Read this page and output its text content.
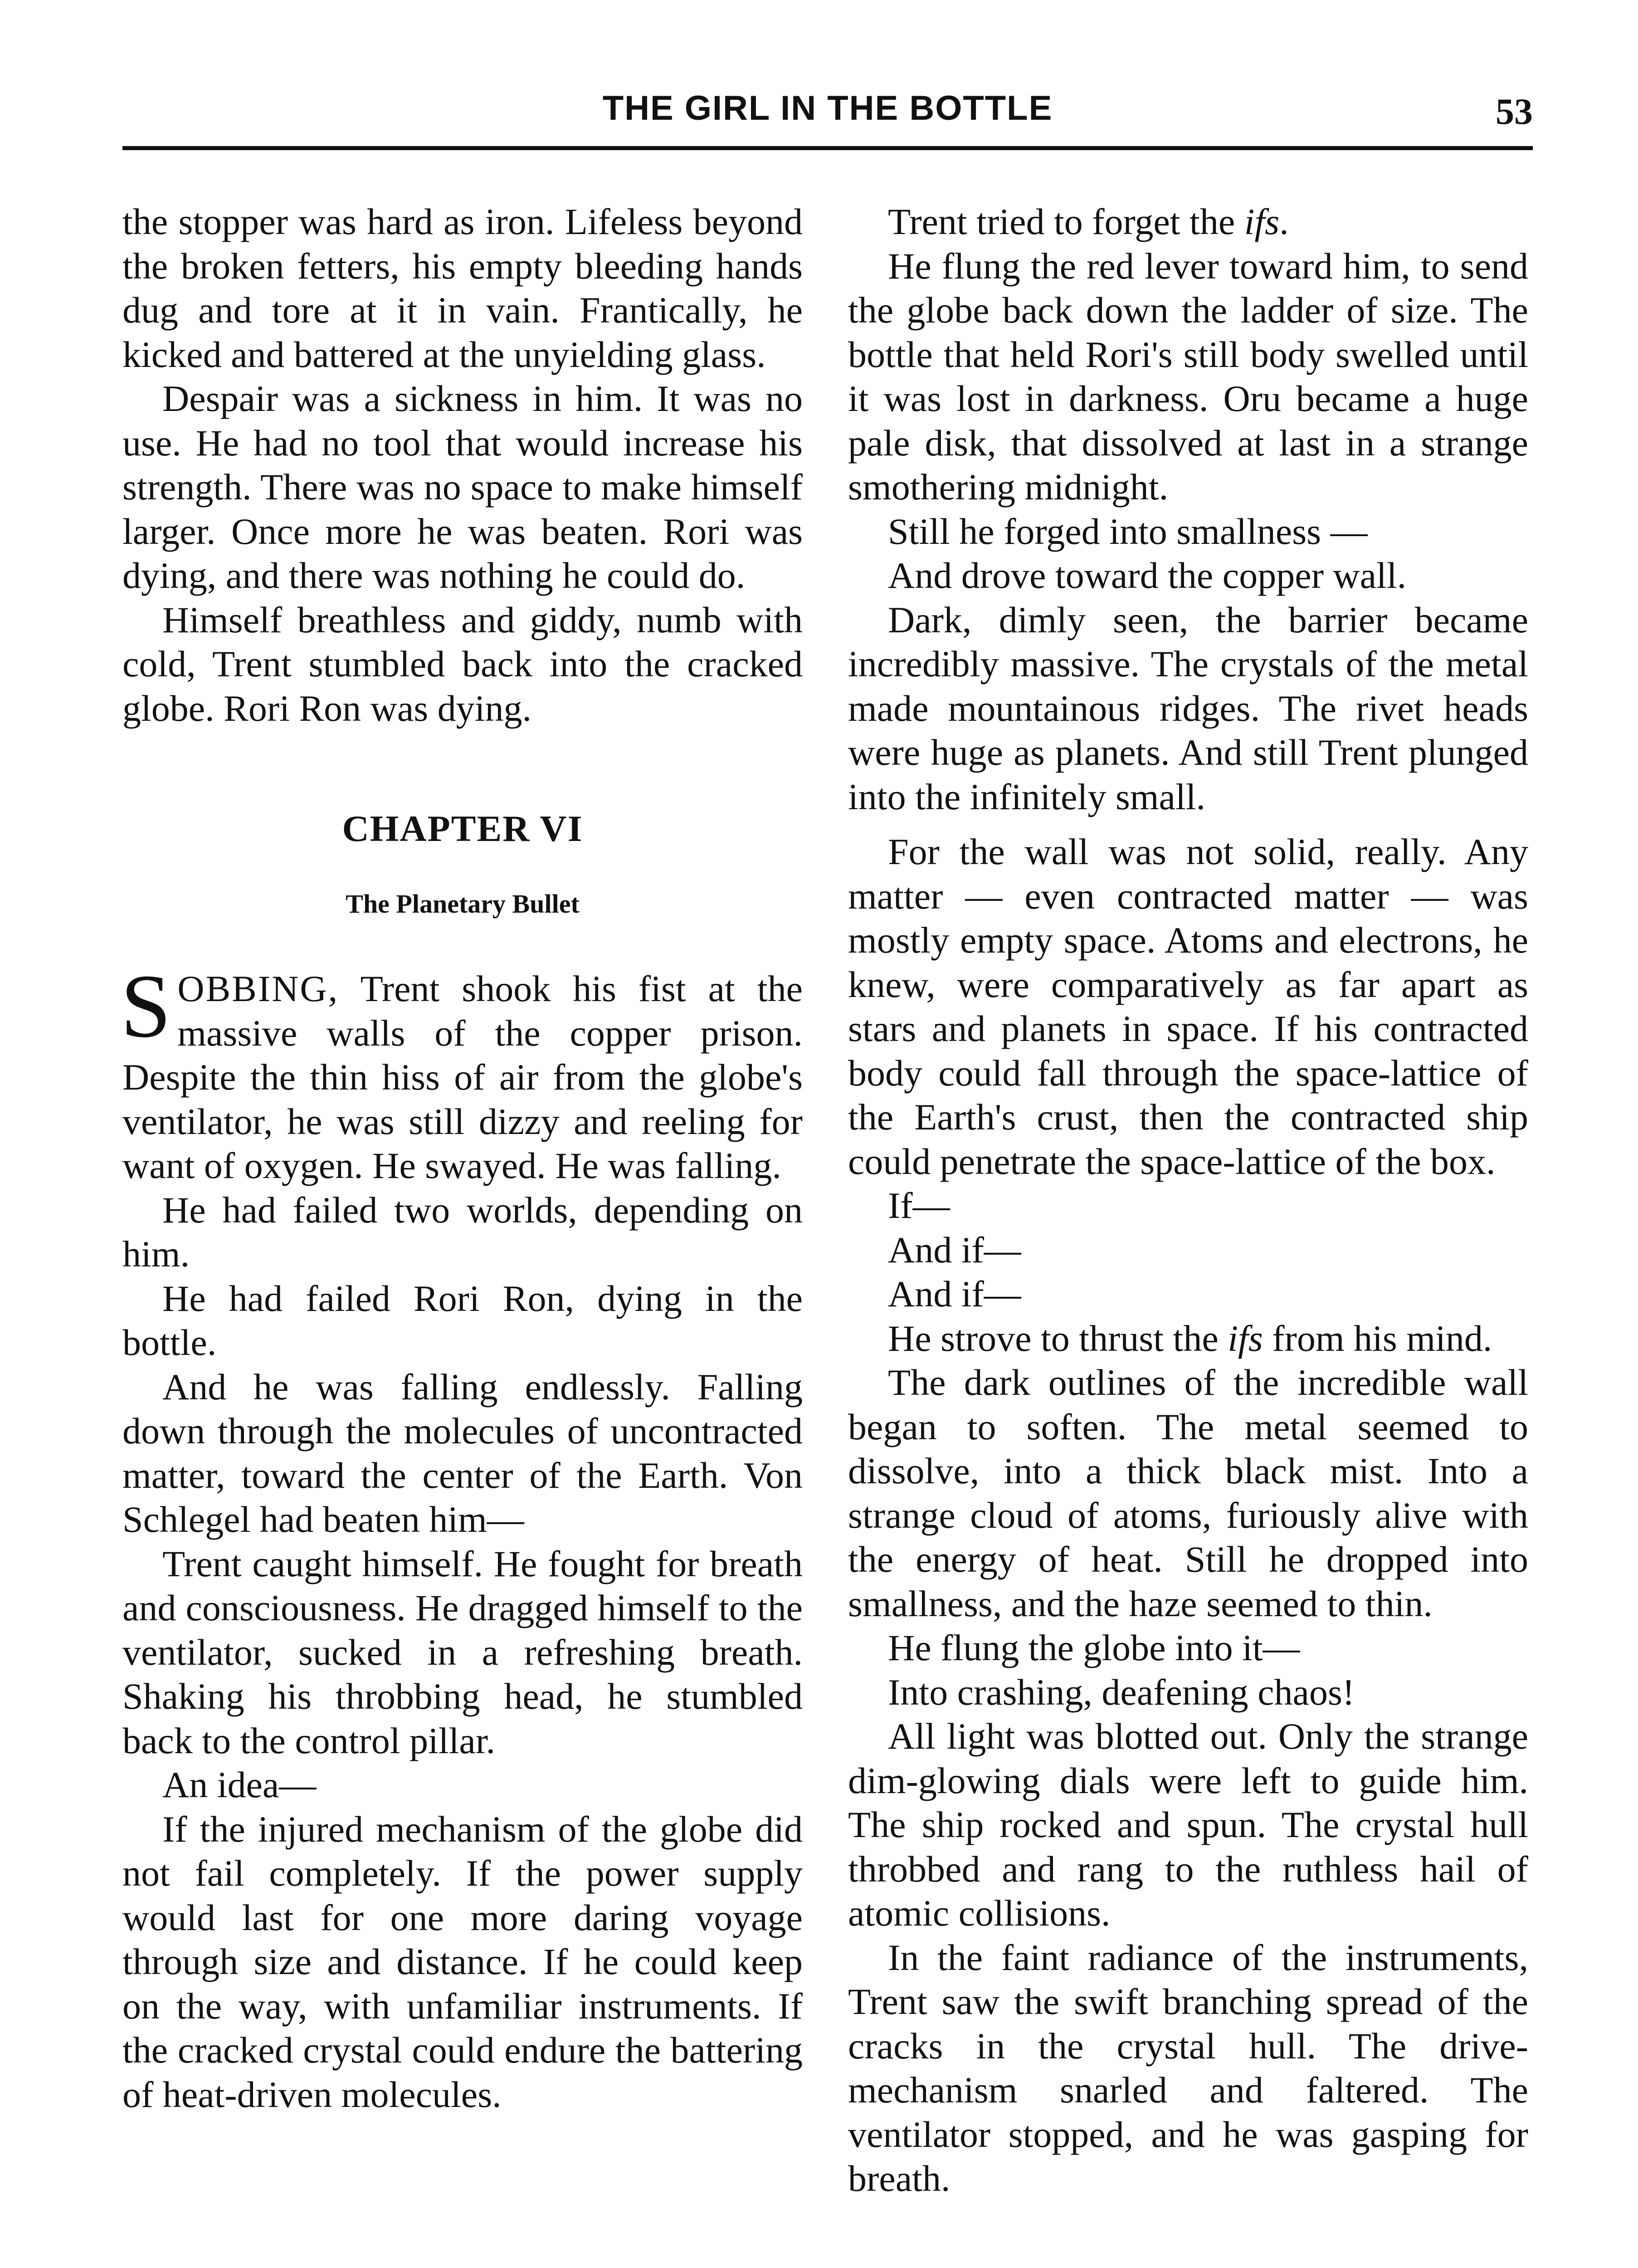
THE GIRL IN THE BOTTLE	53

the stopper was hard as iron. Lifeless beyond the broken fetters, his empty bleeding hands dug and tore at it in vain. Frantically, he kicked and battered at the unyielding glass.

Despair was a sickness in him. It was no use. He had no tool that would increase his strength. There was no space to make himself larger. Once more he was beaten. Rori was dying, and there was nothing he could do.

Himself breathless and giddy, numb with cold, Trent stumbled back into the cracked globe. Rori Ron was dying.

CHAPTER VI
The Planetary Bullet

SOBBING, Trent shook his fist at the massive walls of the copper prison. Despite the thin hiss of air from the globe's ventilator, he was still dizzy and reeling for want of oxygen. He swayed. He was falling.

He had failed two worlds, depending on him.

He had failed Rori Ron, dying in the bottle.

And he was falling endlessly. Falling down through the molecules of uncontracted matter, toward the center of the Earth. Von Schlegel had beaten him—

Trent caught himself. He fought for breath and consciousness. He dragged himself to the ventilator, sucked in a refreshing breath. Shaking his throbbing head, he stumbled back to the control pillar.

An idea—

If the injured mechanism of the globe did not fail completely. If the power supply would last for one more daring voyage through size and distance. If he could keep on the way, with unfamiliar instruments. If the cracked crystal could endure the battering of heat-driven molecules.

Trent tried to forget the ifs.

He flung the red lever toward him, to send the globe back down the ladder of size. The bottle that held Rori's still body swelled until it was lost in darkness. Oru became a huge pale disk, that dissolved at last in a strange smothering midnight.

Still he forged into smallness —

And drove toward the copper wall.

Dark, dimly seen, the barrier became incredibly massive. The crystals of the metal made mountainous ridges. The rivet heads were huge as planets. And still Trent plunged into the infinitely small.

For the wall was not solid, really. Any matter — even contracted matter — was mostly empty space. Atoms and electrons, he knew, were comparatively as far apart as stars and planets in space. If his contracted body could fall through the space-lattice of the Earth's crust, then the contracted ship could penetrate the space-lattice of the box.

If—

And if—

And if—

He strove to thrust the ifs from his mind.

The dark outlines of the incredible wall began to soften. The metal seemed to dissolve, into a thick black mist. Into a strange cloud of atoms, furiously alive with the energy of heat. Still he dropped into smallness, and the haze seemed to thin.

He flung the globe into it—

Into crashing, deafening chaos!

All light was blotted out. Only the strange dim-glowing dials were left to guide him. The ship rocked and spun. The crystal hull throbbed and rang to the ruthless hail of atomic collisions.

In the faint radiance of the instruments, Trent saw the swift branching spread of the cracks in the crystal hull. The drive-mechanism snarled and faltered. The ventilator stopped, and he was gasping for breath.
